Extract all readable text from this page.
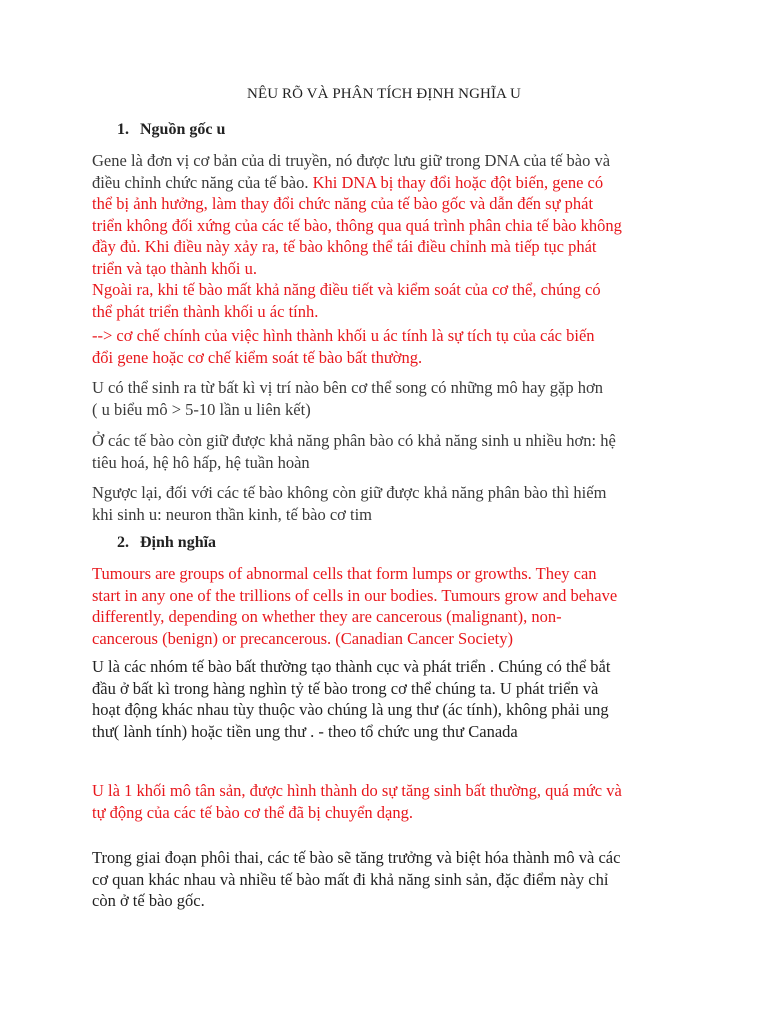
NÊU RÕ VÀ PHÂN TÍCH ĐỊNH NGHĨA U
1. Nguồn gốc u
Gene là đơn vị cơ bản của di truyền, nó được lưu giữ trong DNA của tế bào và
điều chỉnh chức năng của tế bào. Khi DNA bị thay đổi hoặc đột biến, gene có
thể bị ảnh hưởng, làm thay đổi chức năng của tế bào gốc và dẫn đến sự phát
triển không đối xứng của các tế bào, thông qua quá trình phân chia tế bào không
đầy đủ. Khi điều này xảy ra, tế bào không thể tái điều chỉnh mà tiếp tục phát
triển và tạo thành khối u.
Ngoài ra, khi tế bào mất khả năng điều tiết và kiểm soát của cơ thể, chúng có
thể phát triển thành khối u ác tính.
--> cơ chế chính của việc hình thành khối u ác tính là sự tích tụ của các biến
đổi gene hoặc cơ chế kiểm soát tế bào bất thường.
U có thể sinh ra từ bất kì vị trí nào bên cơ thể song có những mô hay gặp hơn
( u biểu mô > 5-10 lần u liên kết)
Ở các tế bào còn giữ được khả năng phân bào có khả năng sinh u nhiều hơn: hệ
tiêu hoá, hệ hô hấp, hệ tuần hoàn
Ngược lại, đối với các tế bào không còn giữ được khả năng phân bào thì hiếm
khi sinh u: neuron thần kinh, tế bào cơ tim
2. Định nghĩa
Tumours are groups of abnormal cells that form lumps or growths. They can
start in any one of the trillions of cells in our bodies. Tumours grow and behave
differently, depending on whether they are cancerous (malignant), non-
cancerous (benign) or precancerous. (Canadian Cancer Society)
U là các nhóm tế bào bất thường tạo thành cục và phát triển . Chúng có thể bắt
đầu ở bất kì trong hàng nghìn tỷ tế bào trong cơ thể chúng ta. U phát triển và
hoạt động khác nhau tùy thuộc vào chúng là ung thư (ác tính), không phải ung
thư( lành tính) hoặc tiền ung thư . - theo tổ chức ung thư Canada
U là 1 khối mô tân sản, được hình thành do sự tăng sinh bất thường, quá mức và
tự động của các tế bào cơ thể đã bị chuyển dạng.
Trong giai đoạn phôi thai, các tế bào sẽ tăng trưởng và biệt hóa thành mô và các
cơ quan khác nhau và nhiều tế bào mất đi khả năng sinh sản, đặc điểm này chỉ
còn ở tế bào gốc.
